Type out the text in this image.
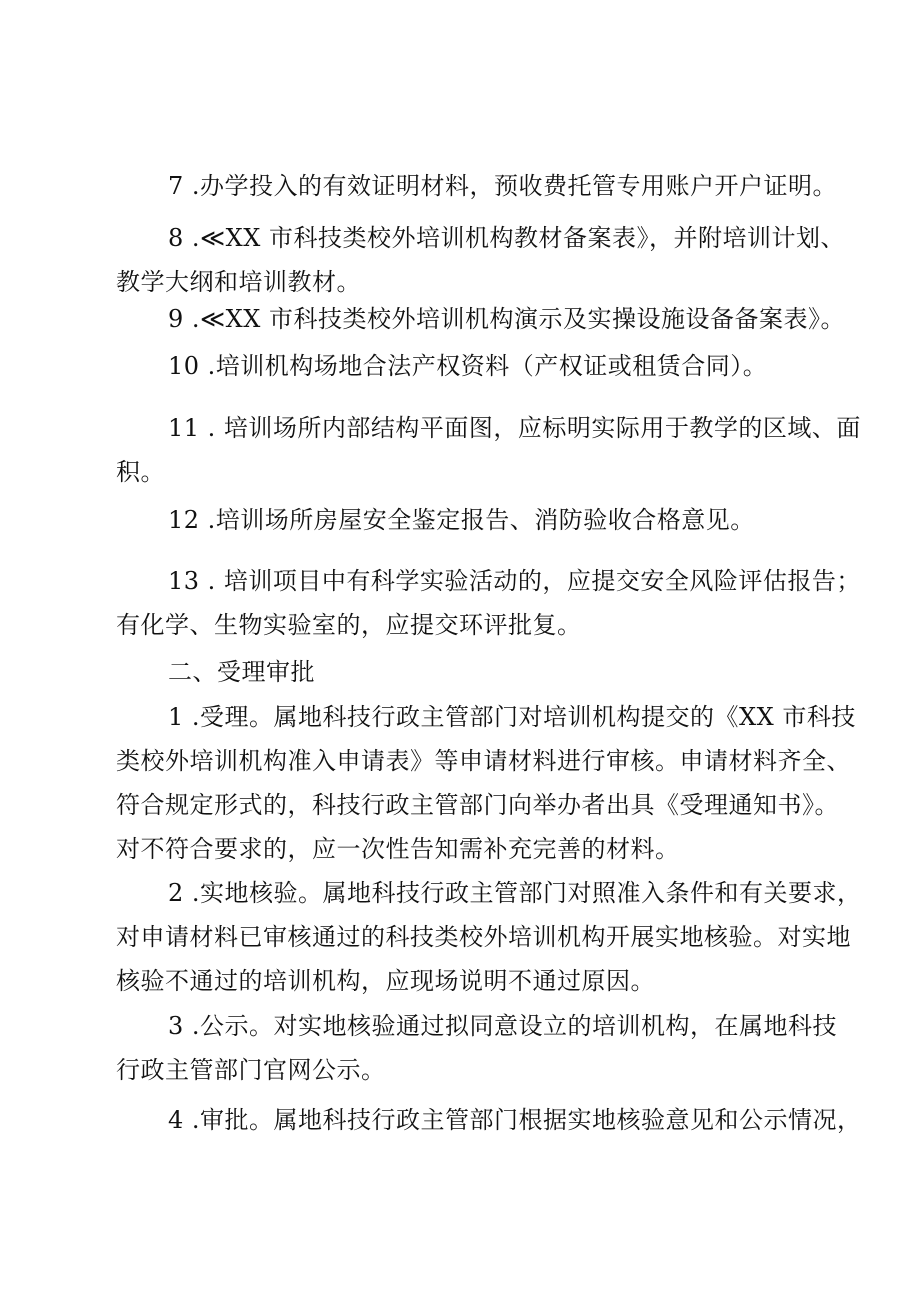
7 .办学投入的有效证明材料，预收费托管专用账户开户证明。
8 .≪XX 市科技类校外培训机构教材备案表》，并附培训计划、
教学大纲和培训教材。
9 .≪XX 市科技类校外培训机构演示及实操设施设备备案表》。
10 .培训机构场地合法产权资料（产权证或租赁合同）。
11 . 培训场所内部结构平面图，应标明实际用于教学的区域、面
积。
12 .培训场所房屋安全鉴定报告、消防验收合格意见。
13 . 培训项目中有科学实验活动的，应提交安全风险评估报告；
有化学、生物实验室的，应提交环评批复。
二、受理审批
1 .受理。属地科技行政主管部门对培训机构提交的《XX 市科技
类校外培训机构准入申请表》等申请材料进行审核。申请材料齐全、
符合规定形式的，科技行政主管部门向举办者出具《受理通知书》。
对不符合要求的，应一次性告知需补充完善的材料。
2 .实地核验。属地科技行政主管部门对照准入条件和有关要求，
对申请材料已审核通过的科技类校外培训机构开展实地核验。对实地
核验不通过的培训机构，应现场说明不通过原因。
3 .公示。对实地核验通过拟同意设立的培训机构，在属地科技
行政主管部门官网公示。
4 .审批。属地科技行政主管部门根据实地核验意见和公示情况，
